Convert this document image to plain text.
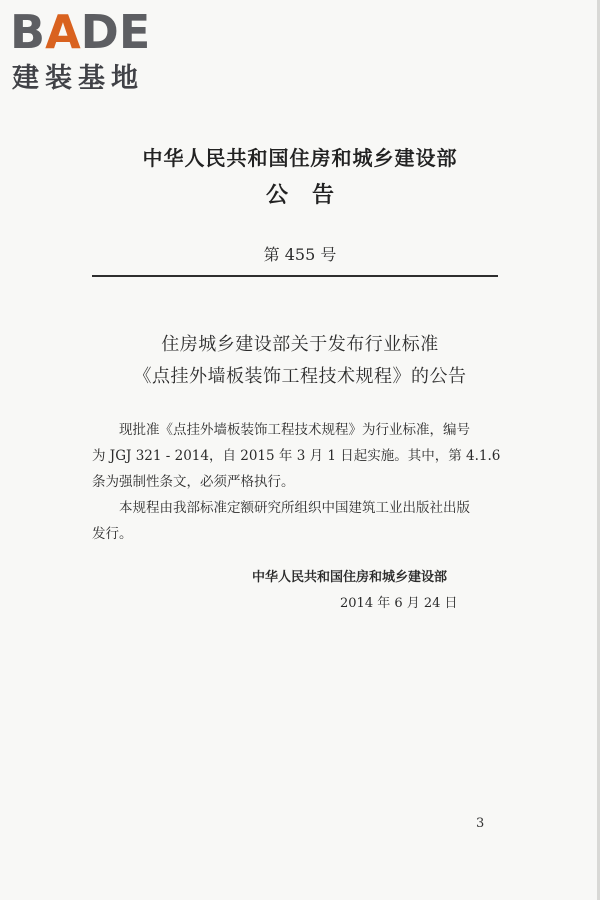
BADE
建装基地
中华人民共和国住房和城乡建设部
公告
第 455 号
住房城乡建设部关于发布行业标准
《点挂外墙板装饰工程技术规程》的公告
　　现批准《点挂外墙板装饰工程技术规程》为行业标准，编号
为 JGJ 321 - 2014，自 2015 年 3 月 1 日起实施。其中，第 4.1.6
条为强制性条文，必须严格执行。
　　本规程由我部标准定额研究所组织中国建筑工业出版社出版
发行。
中华人民共和国住房和城乡建设部
2014 年 6 月 24 日
3
